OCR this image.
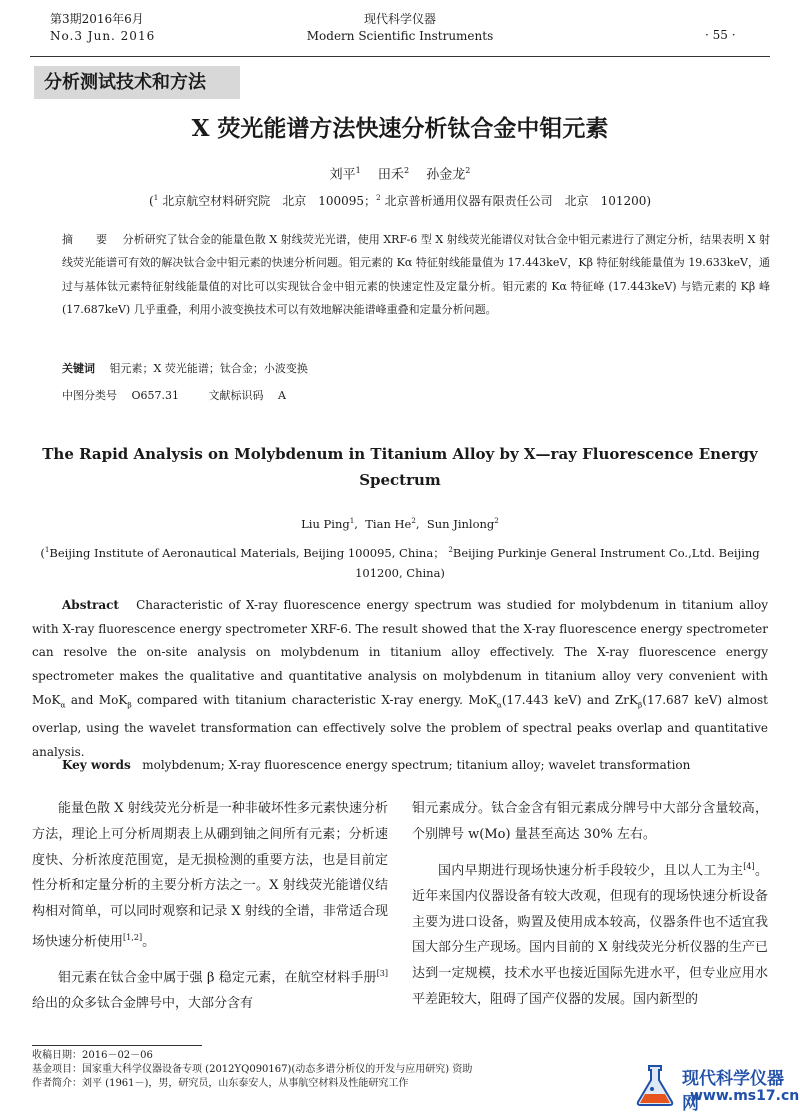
第3期2016年6月
No.3 Jun. 2016
现代科学仪器
Modern Scientific Instruments	· 55 ·
分析测试技术和方法
X 荧光能谱方法快速分析钛合金中钼元素
刘平$^1$　 田禾$^2$　 孙金龙$^2$
($^1$ 北京航空材料研究院　北京　100095；$^2$ 北京普析通用仪器有限责任公司　北京　101200)
摘　要 分析研究了钛合金的能量色散 X 射线荧光光谱，使用 XRF-6 型 X 射线荧光能谱仪对钛合金中钼元素进行了测定分析，结果表明 X 射线荧光能谱可有效的解决钛合金中钼元素的快速分析问题。钼元素的 Kα 特征射线能量值为 17.443keV，Kβ 特征射线能量值为 19.633keV，通过与基体钛元素特征射线能量值的对比可以实现钛合金中钼元素的快速定性及定量分析。钼元素的 Kα 特征峰 (17.443keV) 与锆元素的 Kβ 峰 (17.687keV) 几乎重叠，利用小波变换技术可以有效地解决能谱峰重叠和定量分析问题。
关键词　 钼元素；X 荧光能谱；钛合金；小波变换
中图分类号　 O657.31	文献标识码　 A
The Rapid Analysis on Molybdenum in Titanium Alloy by X—ray Fluorescence Energy Spectrum
Liu Ping$^1$,  Tian He$^2$,  Sun Jinlong$^2$
($^1$Beijing Institute of Aeronautical Materials, Beijing 100095, China； $^2$Beijing Purkinje General Instrument Co.,Ltd. Beijing 101200, China)
Abstract Characteristic of X-ray fluorescence energy spectrum was studied for molybdenum in titanium alloy with X-ray fluorescence energy spectrometer XRF-6. The result showed that the X-ray fluorescence energy spectrometer can resolve the on-site analysis on molybdenum in titanium alloy effectively. The X-ray fluorescence energy spectrometer makes the qualitative and quantitative analysis on molybdenum in titanium alloy very convenient with MoK$_\alpha$ and MoK$_\beta$ compared with titanium characteristic X-ray energy. MoK$_\alpha$(17.443 keV) and ZrK$_\beta$(17.687 keV) almost overlap, using the wavelet transformation can effectively solve the problem of spectral peaks overlap and quantitative analysis.
Key words molybdenum; X-ray fluorescence energy spectrum; titanium alloy; wavelet transformation

能量色散 X 射线荧光分析是一种非破坏性多元素快速分析方法，理论上可分析周期表上从硼到铀之间所有元素；分析速度快、分析浓度范围宽，是无损检测的重要方法，也是目前定性分析和定量分析的主要分析方法之一。X 射线荧光能谱仪结构相对简单，可以同时观察和记录 X 射线的全谱，非常适合现场快速分析使用[1,2]。

钼元素在钛合金中属于强 β 稳定元素，在航空材料手册[3]给出的众多钛合金牌号中，大部分含有

钼元素成分。钛合金含有钼元素成分牌号中大部分含量较高，个别牌号 w(Mo) 量甚至高达 30% 左右。

国内早期进行现场快速分析手段较少，且以人工为主[4]。近年来国内仪器设备有较大改观，但现有的现场快速分析设备主要为进口设备，购置及使用成本较高，仪器条件也不适宜我国大部分生产现场。国内目前的 X 射线荧光分析仪器的生产已达到一定规模，技术水平也接近国际先进水平，但专业应用水平差距较大，阻碍了国产仪器的发展。国内新型的

收稿日期：2016－02－06
基金项目：国家重大科学仪器设备专项 (2012YQ090167)(动态多谱分析仪的开发与应用研究) 资助
作者简介：刘平 (1961－)，男，研究员，山东泰安人，从事航空材料及性能研究工作	现代科学仪器网
www.ms17.cn
